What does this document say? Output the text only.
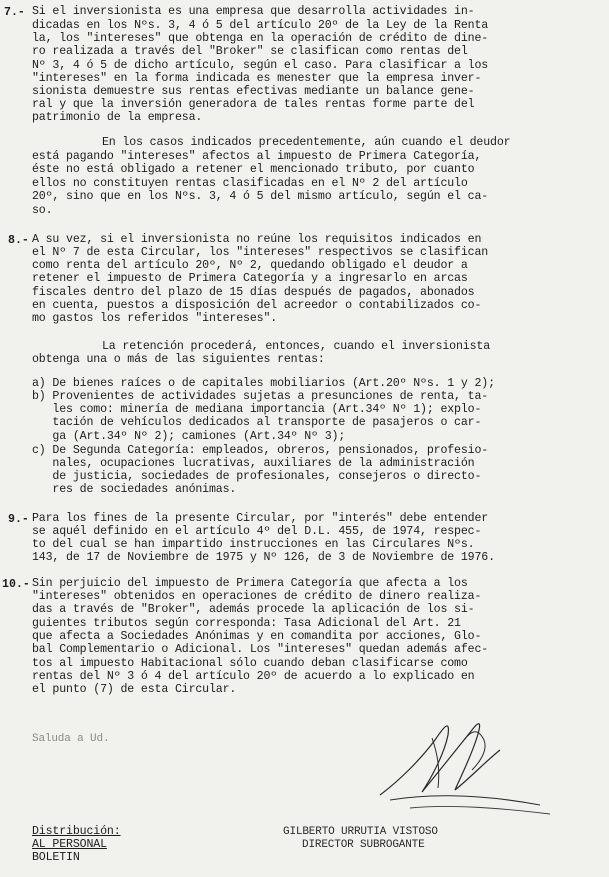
7.- Si el inversionista es una empresa que desarrolla actividades in-
dicadas en los Nºs. 3, 4 ó 5 del artículo 20º de la Ley de la Renta
la, los "intereses" que obtenga en la operación de crédito de dine-
ro realizada a través del "Broker" se clasifican como rentas del
Nº 3, 4 ó 5 de dicho artículo, según el caso. Para clasificar a los
"intereses" en la forma indicada es menester que la empresa inver-
sionista demuestre sus rentas efectivas mediante un balance gene-
ral y que la inversión generadora de tales rentas forme parte del
patrimonio de la empresa.
En los casos indicados precedentemente, aún cuando el deudor
está pagando "intereses" afectos al impuesto de Primera Categoría,
éste no está obligado a retener el mencionado tributo, por cuanto
ellos no constituyen rentas clasificadas en el Nº 2 del artículo
20º, sino que en los Nºs. 3, 4 ó 5 del mismo artículo, según el ca-
so.
8.- A su vez, si el inversionista no reúne los requisitos indicados en
el Nº 7 de esta Circular, los "intereses" respectivos se clasifican
como renta del artículo 20º, Nº 2, quedando obligado el deudor a
retener el impuesto de Primera Categoría y a ingresarlo en arcas
fiscales dentro del plazo de 15 días después de pagados, abonados
en cuenta, puestos a disposición del acreedor o contabilizados co-
mo gastos los referidos "intereses".
La retención procederá, entonces, cuando el inversionista
obtenga una o más de las siguientes rentas:
a) De bienes raíces o de capitales mobiliarios (Art.20º Nºs. 1 y 2);
b) Provenientes de actividades sujetas a presunciones de renta, ta-
les como: minería de mediana importancia (Art.34º Nº 1); explo-
tación de vehículos dedicados al transporte de pasajeros o car-
ga (Art.34º Nº 2); camiones (Art.34º Nº 3);
c) De Segunda Categoría: empleados, obreros, pensionados, profesio-
nales, ocupaciones lucrativas, auxiliares de la administración
de justicia, sociedades de profesionales, consejeros o directo-
res de sociedades anónimas.
9.- Para los fines de la presente Circular, por "interés" debe entender
se aquél definido en el artículo 4º del D.L. 455, de 1974, respec-
to del cual se han impartido instrucciones en las Circulares Nºs.
143, de 17 de Noviembre de 1975 y Nº 126, de 3 de Noviembre de 1976.
10.- Sin perjuicio del impuesto de Primera Categoría que afecta a los
"intereses" obtenidos en operaciones de crédito de dinero realiza-
das a través de "Broker", además procede la aplicación de los si-
guientes tributos según corresponda: Tasa Adicional del Art. 21
que afecta a Sociedades Anónimas y en comandita por acciones, Glo-
bal Complementario o Adicional. Los "intereses" quedan además afec-
tos al impuesto Habitacional sólo cuando deban clasificarse como
rentas del Nº 3 ó 4 del artículo 20º de acuerdo a lo explicado en
el punto (7) de esta Circular.
Saluda a Ud.
Distribución:
AL PERSONAL
BOLETIN
GILBERTO URRUTIA VISTOSO
DIRECTOR SUBROGANTE
